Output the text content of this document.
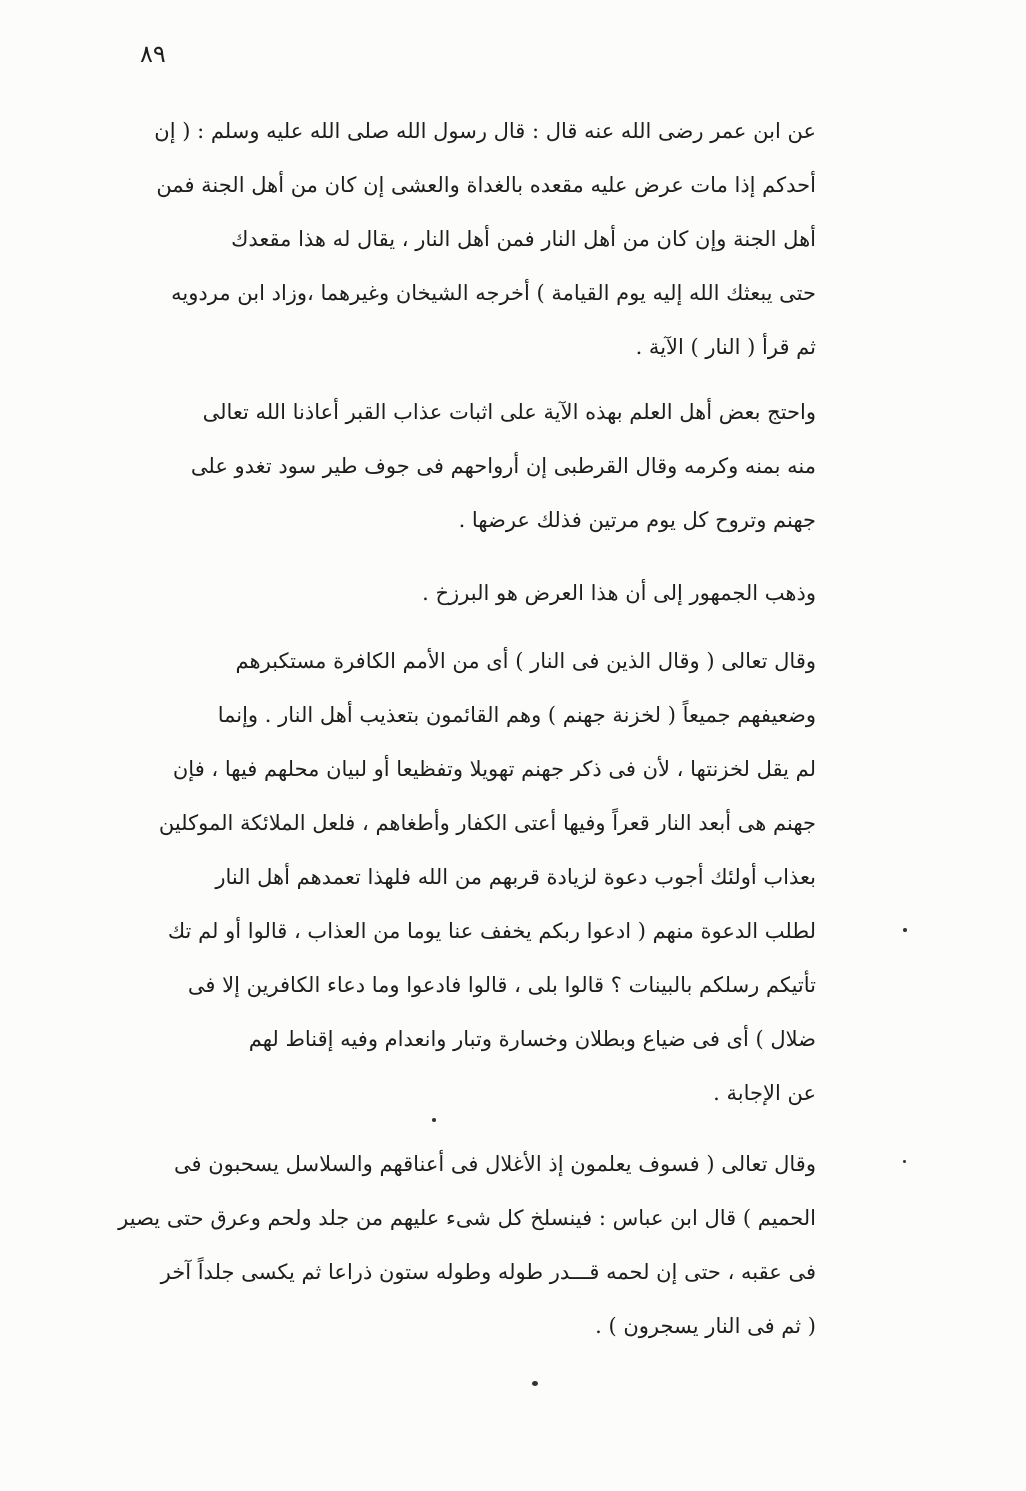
٨٩
عن ابن عمر رضى الله عنه قال : قال رسول الله صلى الله عليه وسلم : ( إن
أحدكم إذا مات عرض عليه مقعده بالغداة والعشى إن كان من أهل الجنة فمن
أهل الجنة وإن كان من أهل النار فمن أهل النار ، يقال له هذا مقعدك
حتى يبعثك الله إليه يوم القيامة ) أخرجه الشيخان وغيرهما ،وزاد ابن مردويه
ثم قرأ ( النار ) الآية .
واحتج بعض أهل العلم بهذه الآية على اثبات عذاب القبر أعاذنا الله تعالى
منه بمنه وكرمه وقال القرطبى إن أرواحهم فى جوف طير سود تغدو على
جهنم وتروح كل يوم مرتين فذلك عرضها .
وذهب الجمهور إلى أن هذا العرض هو البرزخ .
وقال تعالى ( وقال الذين فى النار ) أى من الأمم الكافرة مستكبرهم
وضعيفهم جميعاً ( لخزنة جهنم ) وهم القائمون بتعذيب أهل النار . وإنما
لم يقل لخزنتها ، لأن فى ذكر جهنم تهويلا وتفظيعا أو لبيان محلهم فيها ، فإن
جهنم هى أبعد النار قعراً وفيها أعتى الكفار وأطغاهم ، فلعل الملائكة الموكلين
بعذاب أولئك أجوب دعوة لزيادة قربهم من الله فلهذا تعمدهم أهل النار
لطلب الدعوة منهم ( ادعوا ربكم يخفف عنا يوما من العذاب ، قالوا أو لم تك
تأتيكم رسلكم بالبينات ؟ قالوا بلى ، قالوا فادعوا وما دعاء الكافرين إلا فى
ضلال ) أى فى ضياع وبطلان وخسارة وتبار وانعدام وفيه إقناط لهم
عن الإجابة .
وقال تعالى ( فسوف يعلمون إذ الأغلال فى أعناقهم والسلاسل يسحبون فى
الحميم ) قال ابن عباس : فينسلخ كل شىء عليهم من جلد ولحم وعرق حتى يصير
فى عقبه ، حتى إن لحمه قـــدر طوله وطوله ستون ذراعا ثم يكسى جلداً آخر
( ثم فى النار يسجرون ) .
